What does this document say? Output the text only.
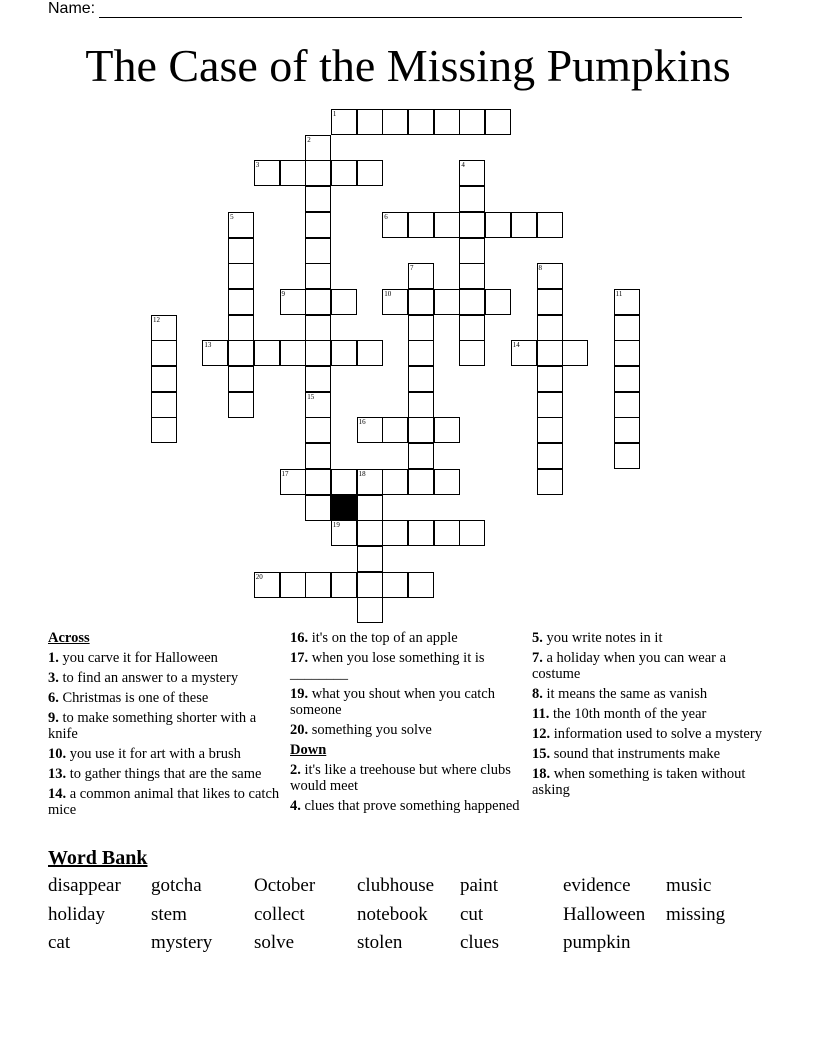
Name:
The Case of the Missing Pumpkins
1
2
15
3	4
5	6
7	8
9	10	11
12
13	14
16
17	18
19
20
Across
1. you carve it for Halloween
3. to find an answer to a mystery
6. Christmas is one of these
9. to make something shorter with a knife
10. you use it for art with a brush
13. to gather things that are the same
14. a common animal that likes to catch mice
16. it's on the top of an apple
17. when you lose something it is ________
19. what you shout when you catch someone
20. something you solve
Down
2. it's like a treehouse but where clubs would meet
4. clues that prove something happened
5. you write notes in it
7. a holiday when you can wear a costume
8. it means the same as vanish
11. the 10th month of the year
12. information used to solve a mystery
15. sound that instruments make
18. when something is taken without asking
Word Bank
disappear	gotcha	October	clubhouse	paint	evidence	music
holiday	stem	collect	notebook	cut	Halloween	missing
cat	mystery	solve	stolen	clues	pumpkin
